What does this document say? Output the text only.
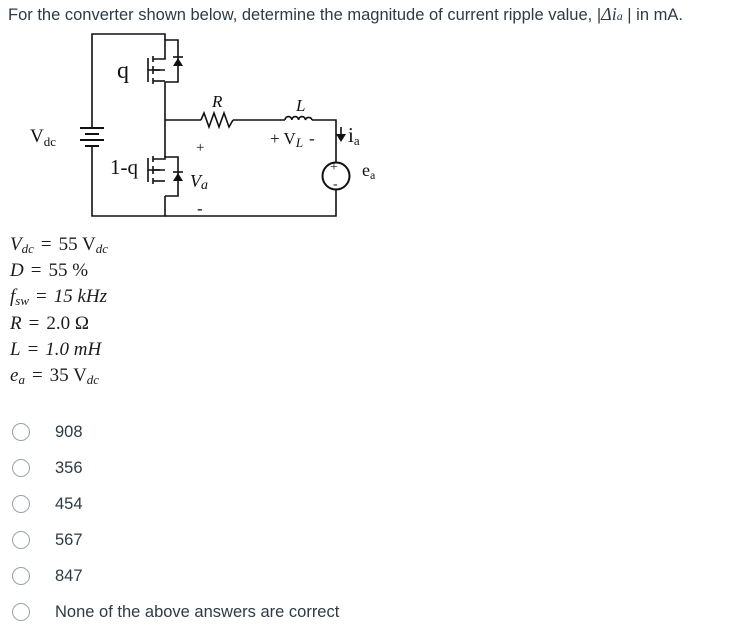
For the converter shown below, determine the magnitude of current ripple value, |Δia | in mA.
$V_{dc}$
q
1-q
R	L
+
Va
-
+ VL - ia
+
-
ea
$V_{dc} = 55$ $V_{dc}$
D = 55 %
$f_{sw} = 15$ kHz
R = 2.0 Ω
L = 1.0 mH
$e_a = 35$ $V_{dc}$
908
356
454
567
847
None of the above answers are correct
